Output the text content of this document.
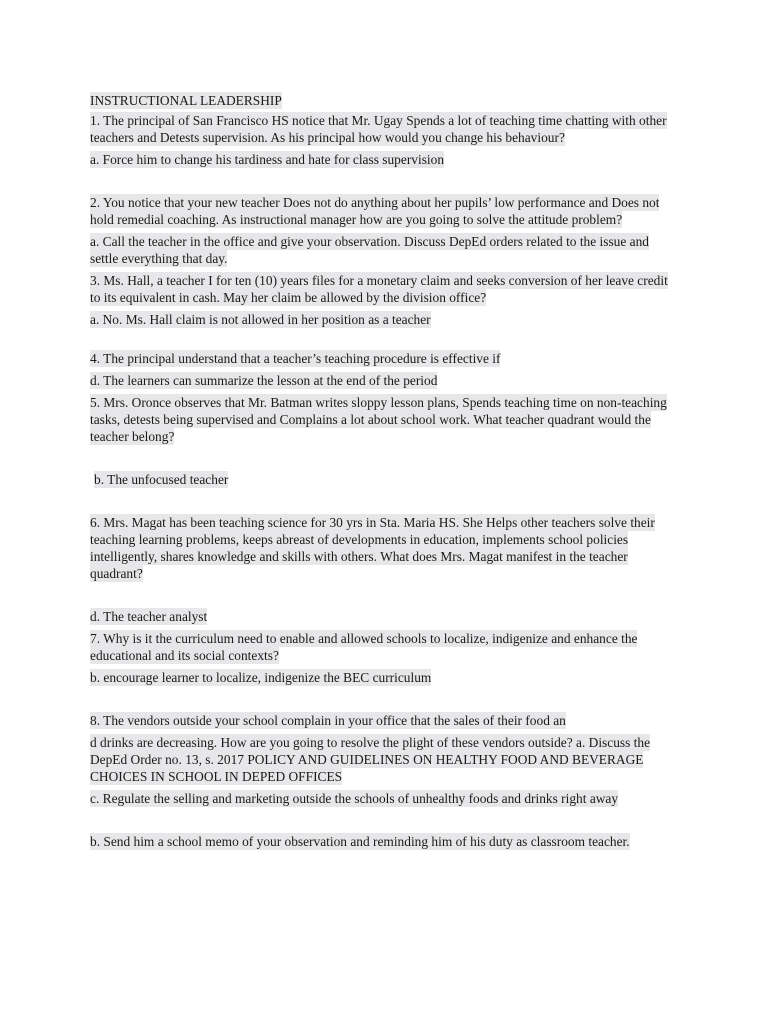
INSTRUCTIONAL LEADERSHIP

1. The principal of San Francisco HS notice that Mr. Ugay Spends a lot of teaching time chatting with other teachers and Detests supervision. As his principal how would you change his behaviour?

a. Force him to change his tardiness and hate for class supervision

2. You notice that your new teacher Does not do anything about her pupils’ low performance and Does not hold remedial coaching. As instructional manager how are you going to solve the attitude problem?

a. Call the teacher in the office and give your observation. Discuss DepEd orders related to the issue and settle everything that day.

3. Ms. Hall, a teacher I for ten (10) years files for a monetary claim and seeks conversion of her leave credit to its equivalent in cash. May her claim be allowed by the division office?

a. No. Ms. Hall claim is not allowed in her position as a teacher

4. The principal understand that a teacher’s teaching procedure is effective if

d. The learners can summarize the lesson at the end of the period

5. Mrs. Oronce observes that Mr. Batman writes sloppy lesson plans, Spends teaching time on non-teaching tasks, detests being supervised and Complains a lot about school work. What teacher quadrant would the teacher belong?

b. The unfocused teacher

6. Mrs. Magat has been teaching science for 30 yrs in Sta. Maria HS. She Helps other teachers solve their teaching learning problems, keeps abreast of developments in education, implements school policies intelligently, shares knowledge and skills with others. What does Mrs. Magat manifest in the teacher quadrant?

d. The teacher analyst

7. Why is it the curriculum need to enable and allowed schools to localize, indigenize and enhance the educational and its social contexts?

b. encourage learner to localize, indigenize the BEC curriculum

8. The vendors outside your school complain in your office that the sales of their food an

d drinks are decreasing. How are you going to resolve the plight of these vendors outside? a. Discuss the DepEd Order no. 13, s. 2017 POLICY AND GUIDELINES ON HEALTHY FOOD AND BEVERAGE CHOICES IN SCHOOL IN DEPED OFFICES

c. Regulate the selling and marketing outside the schools of unhealthy foods and drinks right away

b. Send him a school memo of your observation and reminding him of his duty as classroom teacher.
